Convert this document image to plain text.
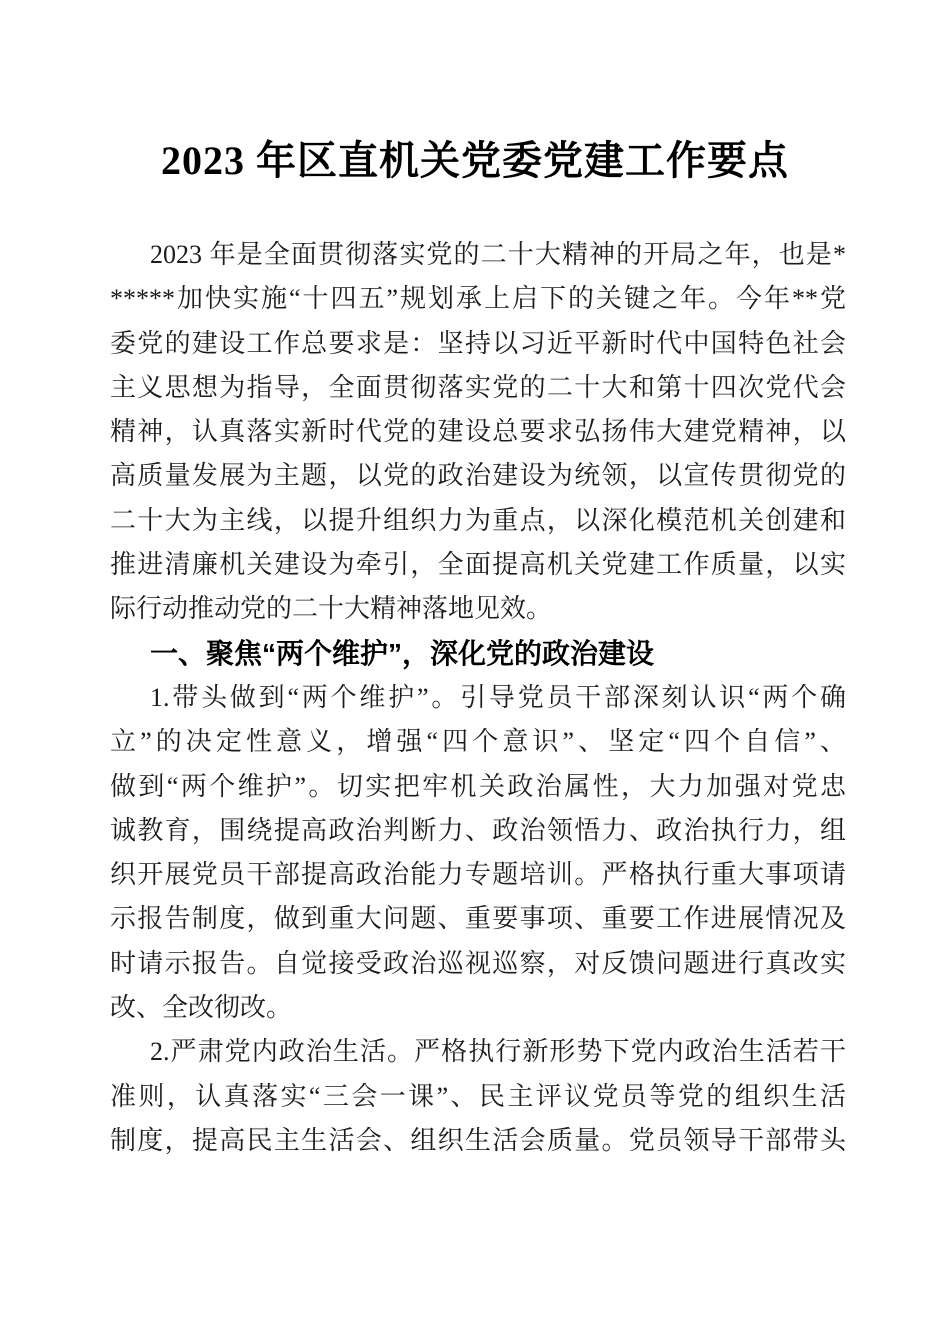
2023 年区直机关党委党建工作要点
2023 年是全面贯彻落实党的二十大精神的开局之年，也是*
*****加快实施“十四五”规划承上启下的关键之年。今年**党
委党的建设工作总要求是：坚持以习近平新时代中国特色社会
主义思想为指导，全面贯彻落实党的二十大和第十四次党代会
精神，认真落实新时代党的建设总要求弘扬伟大建党精神，以
高质量发展为主题，以党的政治建设为统领，以宣传贯彻党的
二十大为主线，以提升组织力为重点，以深化模范机关创建和
推进清廉机关建设为牵引，全面提高机关党建工作质量，以实
际行动推动党的二十大精神落地见效。
一、聚焦“两个维护”，深化党的政治建设
1.带头做到“两个维护”。引导党员干部深刻认识“两个确
立”的决定性意义，增强“四个意识”、坚定“四个自信”、
做到“两个维护”。切实把牢机关政治属性，大力加强对党忠
诚教育，围绕提高政治判断力、政治领悟力、政治执行力，组
织开展党员干部提高政治能力专题培训。严格执行重大事项请
示报告制度，做到重大问题、重要事项、重要工作进展情况及
时请示报告。自觉接受政治巡视巡察，对反馈问题进行真改实
改、全改彻改。
2.严肃党内政治生活。严格执行新形势下党内政治生活若干
准则，认真落实“三会一课”、民主评议党员等党的组织生活
制度，提高民主生活会、组织生活会质量。党员领导干部带头
